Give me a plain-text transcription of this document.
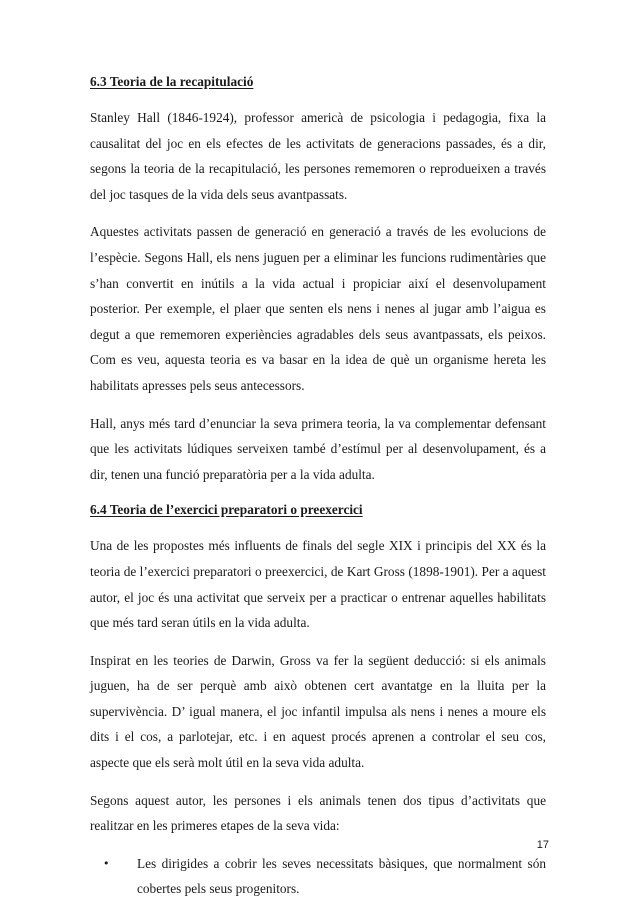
6.3 Teoria de la recapitulació

Stanley Hall (1846-1924), professor americà de psicologia i pedagogia, fixa la causalitat del joc en els efectes de les activitats de generacions passades, és a dir, segons la teoria de la recapitulació, les persones rememoren o reprodueixen a través del joc tasques de la vida dels seus avantpassats.

Aquestes activitats passen de generació en generació a través de les evolucions de l’espècie. Segons Hall, els nens juguen per a eliminar les funcions rudimentàries que s’han convertit en inútils a la vida actual i propiciar així el desenvolupament posterior. Per exemple, el plaer que senten els nens i nenes al jugar amb l’aigua es degut a que rememoren experiències agradables dels seus avantpassats, els peixos. Com es veu, aquesta teoria es va basar en la idea de què un organisme hereta les habilitats apresses pels seus antecessors.

Hall, anys més tard d’enunciar la seva primera teoria, la va complementar defensant que les activitats lúdiques serveixen també d’estímul per al desenvolupament, és a dir, tenen una funció preparatòria per a la vida adulta.

6.4 Teoria de l’exercici preparatori o preexercici

Una de les propostes més influents de finals del segle XIX i principis del XX és la teoria de l’exercici preparatori o preexercici, de Kart Gross (1898-1901). Per a aquest autor, el joc és una activitat que serveix per a practicar o entrenar aquelles habilitats que més tard seran útils en la vida adulta.

Inspirat en les teories de Darwin, Gross va fer la següent deducció: si els animals juguen, ha de ser perquè amb això obtenen cert avantatge en la lluita per la supervivència. D’ igual manera, el joc infantil impulsa als nens i nenes a moure els dits i el cos, a parlotejar, etc. i en aquest procés aprenen a controlar el seu cos, aspecte que els serà molt útil en la seva vida adulta.

Segons aquest autor, les persones i els animals tenen dos tipus d’activitats que realitzar en les primeres etapes de la seva vida:

• Les dirigides a cobrir les seves necessitats bàsiques, que normalment són cobertes pels seus progenitors.
17
